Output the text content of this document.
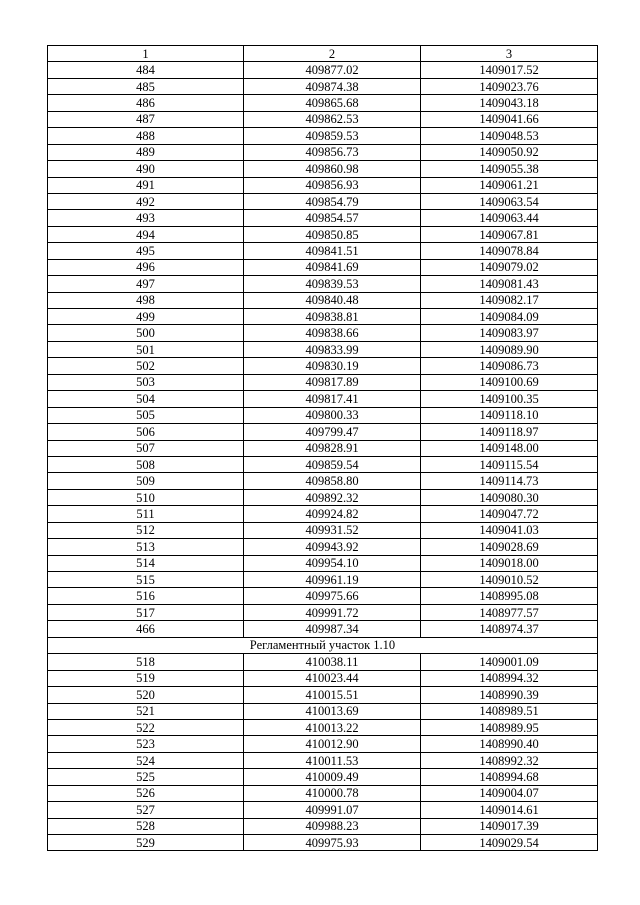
1	2	3
484	409877.02	1409017.52
485	409874.38	1409023.76
486	409865.68	1409043.18
487	409862.53	1409041.66
488	409859.53	1409048.53
489	409856.73	1409050.92
490	409860.98	1409055.38
491	409856.93	1409061.21
492	409854.79	1409063.54
493	409854.57	1409063.44
494	409850.85	1409067.81
495	409841.51	1409078.84
496	409841.69	1409079.02
497	409839.53	1409081.43
498	409840.48	1409082.17
499	409838.81	1409084.09
500	409838.66	1409083.97
501	409833.99	1409089.90
502	409830.19	1409086.73
503	409817.89	1409100.69
504	409817.41	1409100.35
505	409800.33	1409118.10
506	409799.47	1409118.97
507	409828.91	1409148.00
508	409859.54	1409115.54
509	409858.80	1409114.73
510	409892.32	1409080.30
511	409924.82	1409047.72
512	409931.52	1409041.03
513	409943.92	1409028.69
514	409954.10	1409018.00
515	409961.19	1409010.52
516	409975.66	1408995.08
517	409991.72	1408977.57
466	409987.34	1408974.37
Регламентный участок 1.10		
518	410038.11	1409001.09
519	410023.44	1408994.32
520	410015.51	1408990.39
521	410013.69	1408989.51
522	410013.22	1408989.95
523	410012.90	1408990.40
524	410011.53	1408992.32
525	410009.49	1408994.68
526	410000.78	1409004.07
527	409991.07	1409014.61
528	409988.23	1409017.39
529	409975.93	1409029.54
